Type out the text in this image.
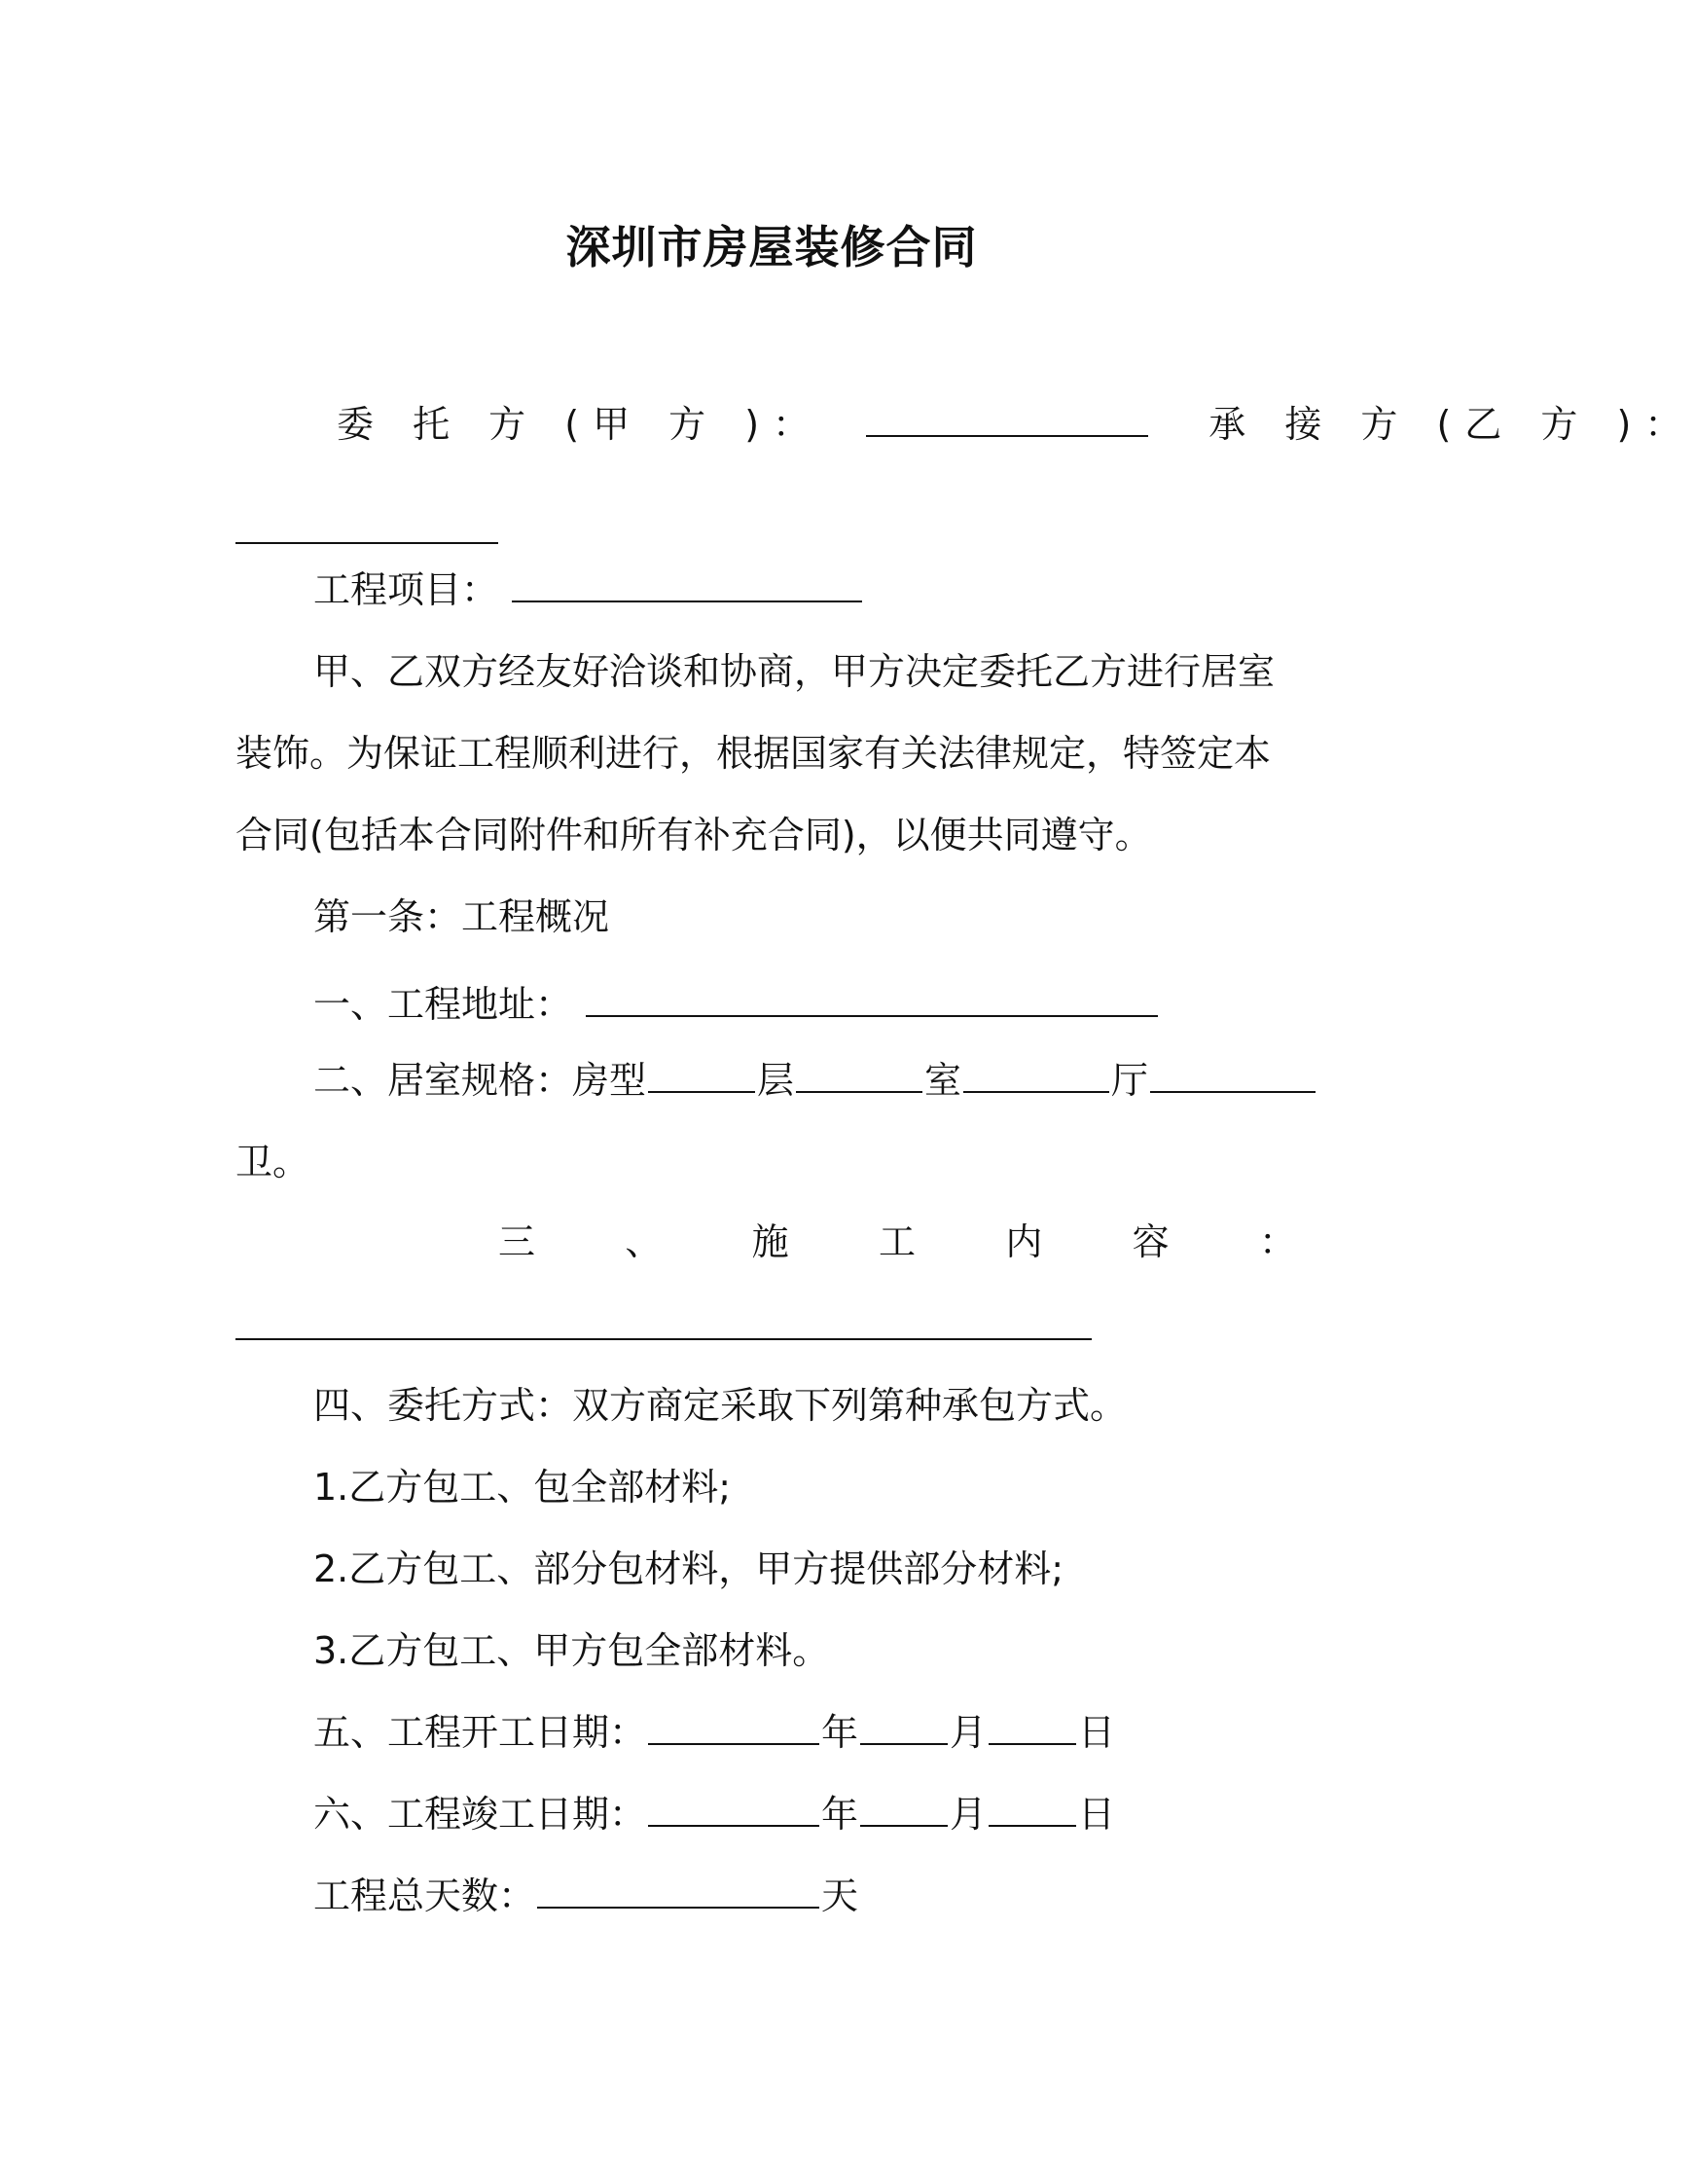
深圳市房屋装修合同
委 托 方 (甲 方 )：	承 接 方 (乙 方 )：
工程项目：
甲、乙双方经友好洽谈和协商，甲方决定委托乙方进行居室
装饰。为保证工程顺利进行，根据国家有关法律规定，特签定本
合同(包括本合同附件和所有补充合同)，以便共同遵守。
第一条：工程概况
一、工程地址：
二、居室规格：房型	层	室	厅
卫。
三 、 施 工 内 容 ：
四、委托方式：双方商定采取下列第种承包方式。
1.乙方包工、包全部材料;
2.乙方包工、部分包材料，甲方提供部分材料;
3.乙方包工、甲方包全部材料。
五、工程开工日期：	年 月 日
六、工程竣工日期：	年 月 日
工程总天数：	天
